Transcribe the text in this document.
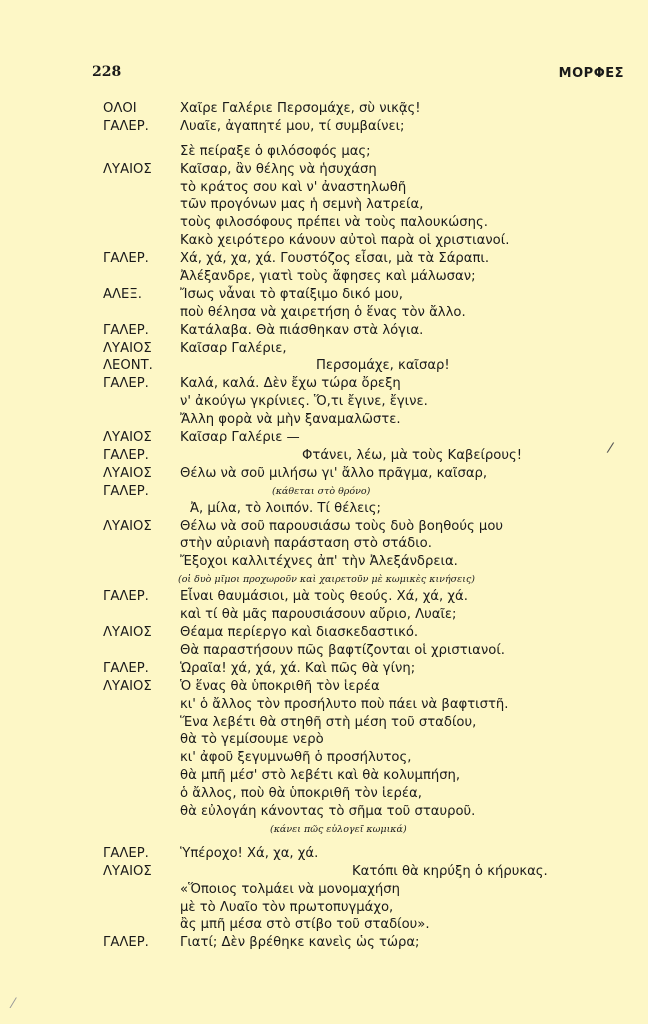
228	ΜΟΡΦΕΣ
ΟΛΟΙ	Χαῖρε Γαλέριε Περσομάχε, σὺ νικᾷς!
ΓΑΛΕΡ. Λυαῖε, ἀγαπητέ μου, τί συμβαίνει;
Σὲ πείραξε ὁ φιλόσοφός μας;
ΛΥΑΙΟΣ Καῖσαρ, ἂν θέλης νὰ ἡσυχάση
τὸ κράτος σου καὶ ν' ἀναστηλωθῆ
τῶν προγόνων μας ἡ σεμνὴ λατρεία,
τοὺς φιλοσόφους πρέπει νὰ τοὺς παλουκώσης.
Κακὸ χειρότερο κάνουν αὐτοὶ παρὰ οἱ χριστιανοί.
ΓΑΛΕΡ. Χά, χά, χα, χά. Γουστόζος εἶσαι, μὰ τὰ Σάραπι.
Ἀλέξανδρε, γιατὶ τοὺς ἄφησες καὶ μάλωσαν;
ΑΛΕΞ.	Ἴσως νἆναι τὸ φταίξιμο δικό μου,
ποὺ θέλησα νὰ χαιρετήση ὁ ἕνας τὸν ἄλλο.
ΓΑΛΕΡ. Κατάλαβα. Θὰ πιάσθηκαν στὰ λόγια.
ΛΥΑΙΟΣ Καῖσαρ Γαλέριε,
ΛΕΟΝΤ.	Περσομάχε, καῖσαρ!
ΓΑΛΕΡ. Καλά, καλά. Δὲν ἔχω τώρα ὄρεξη
ν' ἀκούγω γκρίνιες. Ὅ,τι ἔγινε, ἔγινε.
Ἄλλη φορὰ νὰ μὴν ξαναμαλῶστε.
ΛΥΑΙΟΣ Καῖσαρ Γαλέριε —
ΓΑΛΕΡ.	Φτάνει, λέω, μὰ τοὺς Καβείρους!
ΛΥΑΙΟΣ Θέλω νὰ σοῦ μιλήσω γι' ἄλλο πρᾶγμα, καῖσαρ,
ΓΑΛΕΡ.	(κάθεται στὸ θρόνο)
Ἀ, μίλα, τὸ λοιπόν. Τί θέλεις;
ΛΥΑΙΟΣ Θέλω νὰ σοῦ παρουσιάσω τοὺς δυὸ βοηθούς μου
στὴν αὐριανὴ παράσταση στὸ στάδιο.
Ἔξοχοι καλλιτέχνες ἀπ' τὴν Ἀλεξάνδρεια.
(οἱ δυὸ μῖμοι προχωροῦν καὶ χαιρετοῦν μὲ κωμικὲς κινήσεις)
ΓΑΛΕΡ. Εἶναι θαυμάσιοι, μὰ τοὺς θεούς. Χά, χά, χά.
καὶ τί θὰ μᾶς παρουσιάσουν αὔριο, Λυαῖε;
ΛΥΑΙΟΣ Θέαμα περίεργο καὶ διασκεδαστικό.
Θὰ παραστήσουν πῶς βαφτίζονται οἱ χριστιανοί.
ΓΑΛΕΡ. Ὡραῖα! χά, χά, χά. Καὶ πῶς θὰ γίνη;
ΛΥΑΙΟΣ Ὁ ἕνας θὰ ὑποκριθῆ τὸν ἱερέα
κι' ὁ ἄλλος τὸν προσήλυτο ποὺ πάει νὰ βαφτιστῆ.
Ἕνα λεβέτι θὰ στηθῆ στὴ μέση τοῦ σταδίου,
θὰ τὸ γεμίσουμε νερὸ
κι' ἀφοῦ ξεγυμνωθῆ ὁ προσήλυτος,
θὰ μπῆ μέσ' στὸ λεβέτι καὶ θὰ κολυμπήση,
ὁ ἄλλος, ποὺ θὰ ὑποκριθῆ τὸν ἱερέα,
θὰ εὐλογάη κάνοντας τὸ σῆμα τοῦ σταυροῦ.
(κάνει πῶς εὐλογεῖ κωμικά)
ΓΑΛΕΡ. Ὑπέροχο! Χά, χα, χά.
ΛΥΑΙΟΣ	Κατόπι θὰ κηρύξη ὁ κήρυκας.
«Ὅποιος τολμάει νὰ μονομαχήση
μὲ τὸ Λυαῖο τὸν πρωτοπυγμάχο,
ἂς μπῆ μέσα στὸ στίβο τοῦ σταδίου».
ΓΑΛΕΡ. Γιατί; Δὲν βρέθηκε κανεὶς ὡς τώρα;
/
⁄
